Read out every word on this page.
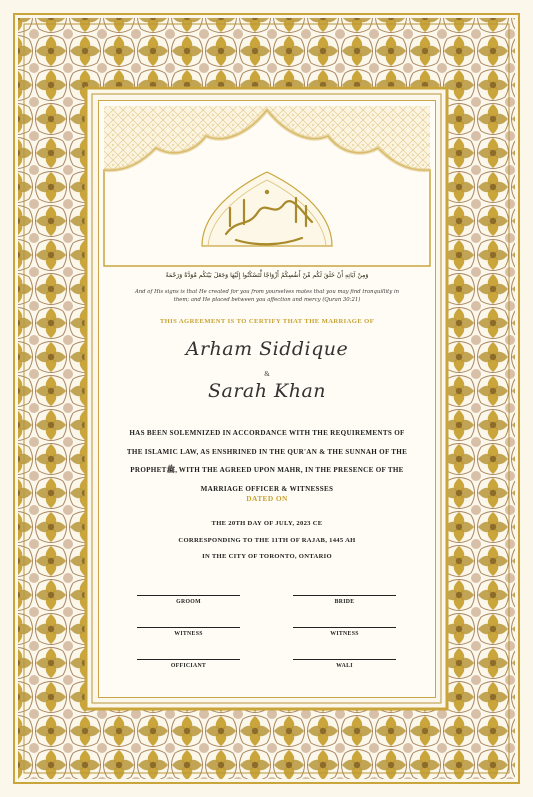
وَمِنْ آيَاتِهِ أَنْ خَلَقَ لَكُم مِّنْ أَنفُسِكُمْ أَزْوَاجًا لِّتَسْكُنُوا إِلَيْهَا وَجَعَلَ بَيْنَكُم مَّوَدَّةً وَرَحْمَةً
And of His signs is that He created for you from yourselves mates that you may find tranquillity in
them; and He placed between you affection and mercy (Quran 30:21)
THIS AGREEMENT IS TO CERTIFY THAT THE MARRIAGE OF
Arham Siddique
&
Sarah Khan
HAS BEEN SOLEMNIZED IN ACCORDANCE WITH THE REQUIREMENTS OF
THE ISLAMIC LAW, AS ENSHRINED IN THE QUR'AN & THE SUNNAH OF THE
PROPHETﷺ, WITH THE AGREED UPON MAHR, IN THE PRESENCE OF THE
MARRIAGE OFFICER & WITNESSES
DATED ON
THE 20TH DAY OF JULY, 2023 CE
CORRESPONDING TO THE 11TH OF RAJAB, 1445 AH
IN THE CITY OF TORONTO, ONTARIO
GROOM	BRIDE
WITNESS	WITNESS
OFFICIANT	WALI
